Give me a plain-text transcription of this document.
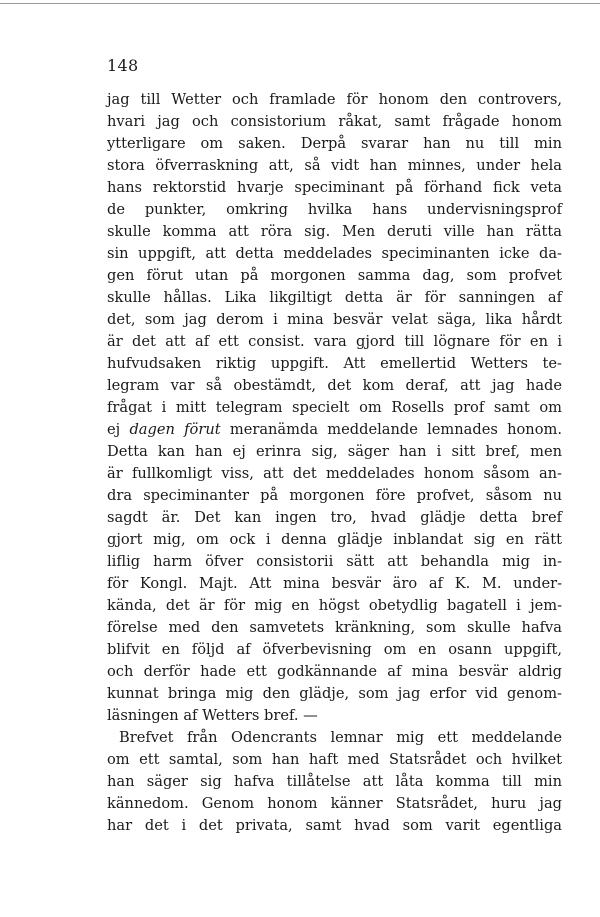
148
jag till Wetter och framlade för honom den controvers,
hvari jag och consistorium råkat, samt frågade honom
ytterligare om saken. Derpå svarar han nu till min
stora öfverraskning att, så vidt han minnes, under hela
hans rektorstid hvarje speciminant på förhand fick veta
de punkter, omkring hvilka hans undervisningsprof
skulle komma att röra sig. Men deruti ville han rätta
sin uppgift, att detta meddelades speciminanten icke da-
gen förut utan på morgonen samma dag, som profvet
skulle hållas. Lika likgiltigt detta är för sanningen af
det, som jag derom i mina besvär velat säga, lika hårdt
är det att af ett consist. vara gjord till lögnare för en i
hufvudsaken riktig uppgift. Att emellertid Wetters te-
legram var så obestämdt, det kom deraf, att jag hade
frågat i mitt telegram specielt om Rosells prof samt om
ej dagen förut meranämda meddelande lemnades honom.
Detta kan han ej erinra sig, säger han i sitt bref, men
är fullkomligt viss, att det meddelades honom såsom an-
dra speciminanter på morgonen före profvet, såsom nu
sagdt är. Det kan ingen tro, hvad glädje detta bref
gjort mig, om ock i denna glädje inblandat sig en rätt
liflig harm öfver consistorii sätt att behandla mig in-
för Kongl. Majt. Att mina besvär äro af K. M. under-
kända, det är för mig en högst obetydlig bagatell i jem-
förelse med den samvetets kränkning, som skulle hafva
blifvit en följd af öfverbevisning om en osann uppgift,
och derför hade ett godkännande af mina besvär aldrig
kunnat bringa mig den glädje, som jag erfor vid genom-
läsningen af Wetters bref. —
Brefvet från Odencrants lemnar mig ett meddelande
om ett samtal, som han haft med Statsrådet och hvilket
han säger sig hafva tillåtelse att låta komma till min
kännedom. Genom honom känner Statsrådet, huru jag
har det i det privata, samt hvad som varit egentliga
